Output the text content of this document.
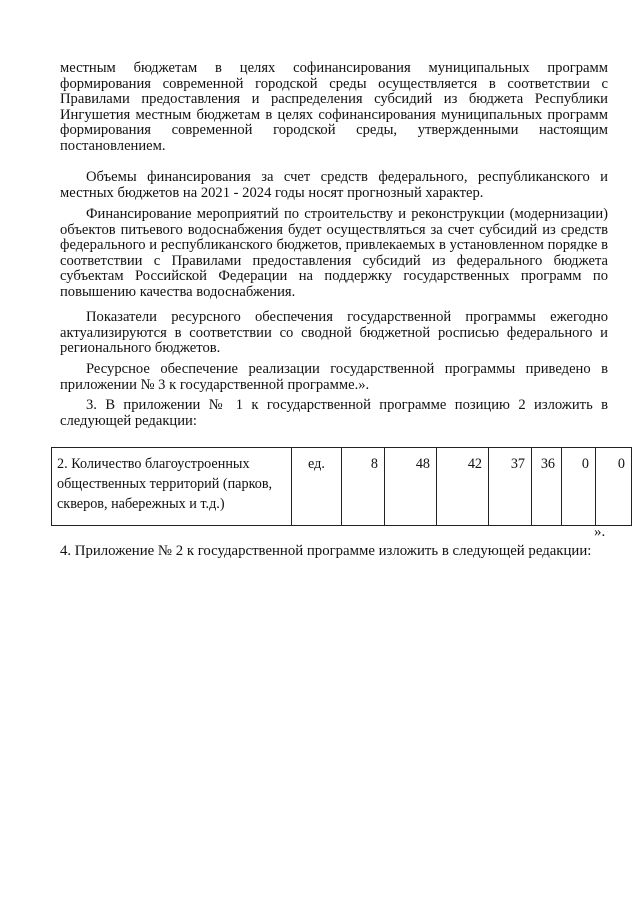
местным бюджетам в целях софинансирования муниципальных программ формирования современной городской среды осуществляется в соответствии с Правилами предоставления и распределения субсидий из бюджета Республики Ингушетия местным бюджетам в целях софинансирования муниципальных программ формирования современной городской среды, утвержденными настоящим постановлением.

Объемы финансирования за счет средств федерального, республиканского и местных бюджетов на 2021 - 2024 годы носят прогнозный характер.

Финансирование мероприятий по строительству и реконструкции (модернизации) объектов питьевого водоснабжения будет осуществляться за счет субсидий из средств федерального и республиканского бюджетов, привлекаемых в установленном порядке в соответствии с Правилами предоставления субсидий из федерального бюджета субъектам Российской Федерации на поддержку государственных программ по повышению качества водоснабжения.

Показатели ресурсного обеспечения государственной программы ежегодно актуализируются в соответствии со сводной бюджетной росписью федерального и регионального бюджетов.

Ресурсное обеспечение реализации государственной программы приведено в приложении № 3 к государственной программе.».

3. В приложении № 1 к государственной программе позицию 2 изложить в следующей редакции:

2. Количество благоустроенных общественных территорий (парков, скверов, набережных и т.д.)	ед.	8	48	42	37	36	0	0
».

4. Приложение № 2 к государственной программе изложить в следующей редакции:
